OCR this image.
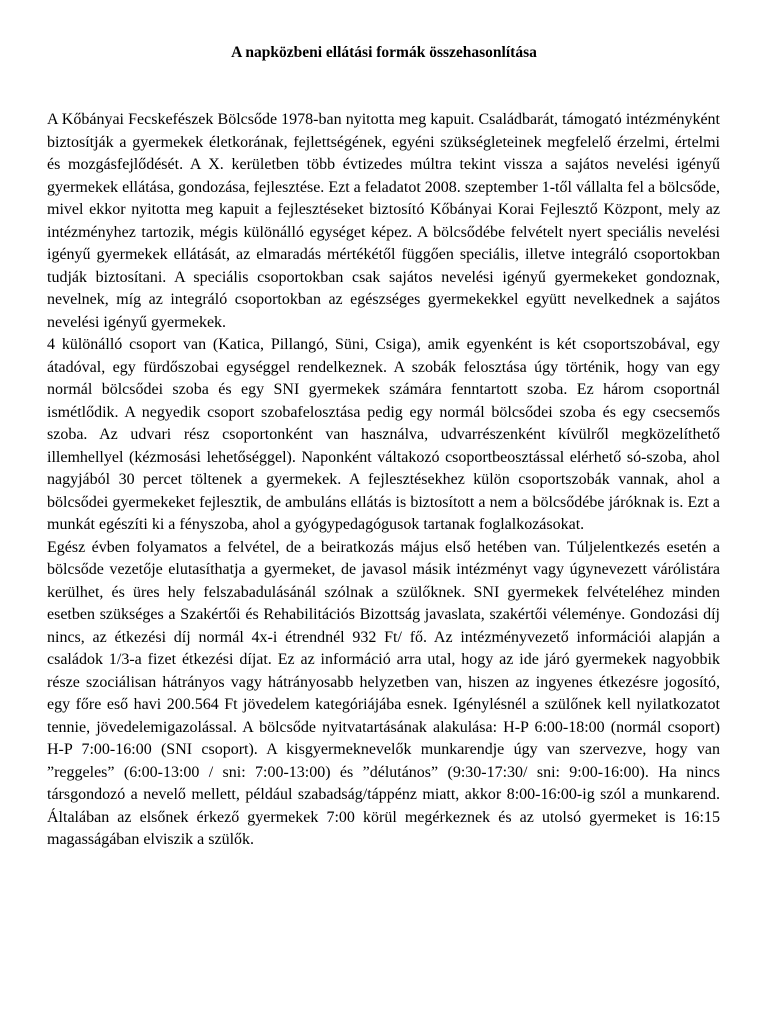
A napközbeni ellátási formák összehasonlítása

A Kőbányai Fecskefészek Bölcsőde 1978-ban nyitotta meg kapuit. Családbarát, támogató intézményként biztosítják a gyermekek életkorának, fejlettségének, egyéni szükségleteinek megfelelő érzelmi, értelmi és mozgásfejlődését. A X. kerületben több évtizedes múltra tekint vissza a sajátos nevelési igényű gyermekek ellátása, gondozása, fejlesztése. Ezt a feladatot 2008. szeptember 1-től vállalta fel a bölcsőde, mivel ekkor nyitotta meg kapuit a fejlesztéseket biztosító Kőbányai Korai Fejlesztő Központ, mely az intézményhez tartozik, mégis különálló egységet képez. A bölcsődébe felvételt nyert speciális nevelési igényű gyermekek ellátását, az elmaradás mértékétől függően speciális, illetve integráló csoportokban tudják biztosítani. A speciális csoportokban csak sajátos nevelési igényű gyermekeket gondoznak, nevelnek, míg az integráló csoportokban az egészséges gyermekekkel együtt nevelkednek a sajátos nevelési igényű gyermekek.

4 különálló csoport van (Katica, Pillangó, Süni, Csiga), amik egyenként is két csoportszobával, egy átadóval, egy fürdőszobai egységgel rendelkeznek. A szobák felosztása úgy történik, hogy van egy normál bölcsődei szoba és egy SNI gyermekek számára fenntartott szoba. Ez három csoportnál ismétlődik. A negyedik csoport szobafelosztása pedig egy normál bölcsődei szoba és egy csecsemős szoba. Az udvari rész csoportonként van használva, udvarrészenként kívülről megközelíthető illemhellyel (kézmosási lehetőséggel). Naponként váltakozó csoportbeosztással elérhető só-szoba, ahol nagyjából 30 percet töltenek a gyermekek. A fejlesztésekhez külön csoportszobák vannak, ahol a bölcsődei gyermekeket fejlesztik, de ambuláns ellátás is biztosított a nem a bölcsődébe járóknak is. Ezt a munkát egészíti ki a fényszoba, ahol a gyógypedagógusok tartanak foglalkozásokat.

Egész évben folyamatos a felvétel, de a beiratkozás május első hetében van. Túljelentkezés esetén a bölcsőde vezetője elutasíthatja a gyermeket, de javasol másik intézményt vagy úgynevezett várólistára kerülhet, és üres hely felszabadulásánál szólnak a szülőknek. SNI gyermekek felvételéhez minden esetben szükséges a Szakértői és Rehabilitációs Bizottság javaslata, szakértői véleménye. Gondozási díj nincs, az étkezési díj normál 4x-i étrendnél 932 Ft/ fő. Az intézményvezető információi alapján a családok 1/3-a fizet étkezési díjat. Ez az információ arra utal, hogy az ide járó gyermekek nagyobbik része szociálisan hátrányos vagy hátrányosabb helyzetben van, hiszen az ingyenes étkezésre jogosító, egy főre eső havi 200.564 Ft jövedelem kategóriájába esnek. Igénylésnél a szülőnek kell nyilatkozatot tennie, jövedelemigazolással. A bölcsőde nyitvatartásának alakulása: H-P 6:00-18:00 (normál csoport) H-P 7:00-16:00 (SNI csoport). A kisgyermeknevelők munkarendje úgy van szervezve, hogy van ”reggeles” (6:00-13:00 / sni: 7:00-13:00) és ”délutános” (9:30-17:30/ sni: 9:00-16:00). Ha nincs társgondozó a nevelő mellett, például szabadság/táppénz miatt, akkor 8:00-16:00-ig szól a munkarend. Általában az elsőnek érkező gyermekek 7:00 körül megérkeznek és az utolsó gyermeket is 16:15 magasságában elviszik a szülők.
